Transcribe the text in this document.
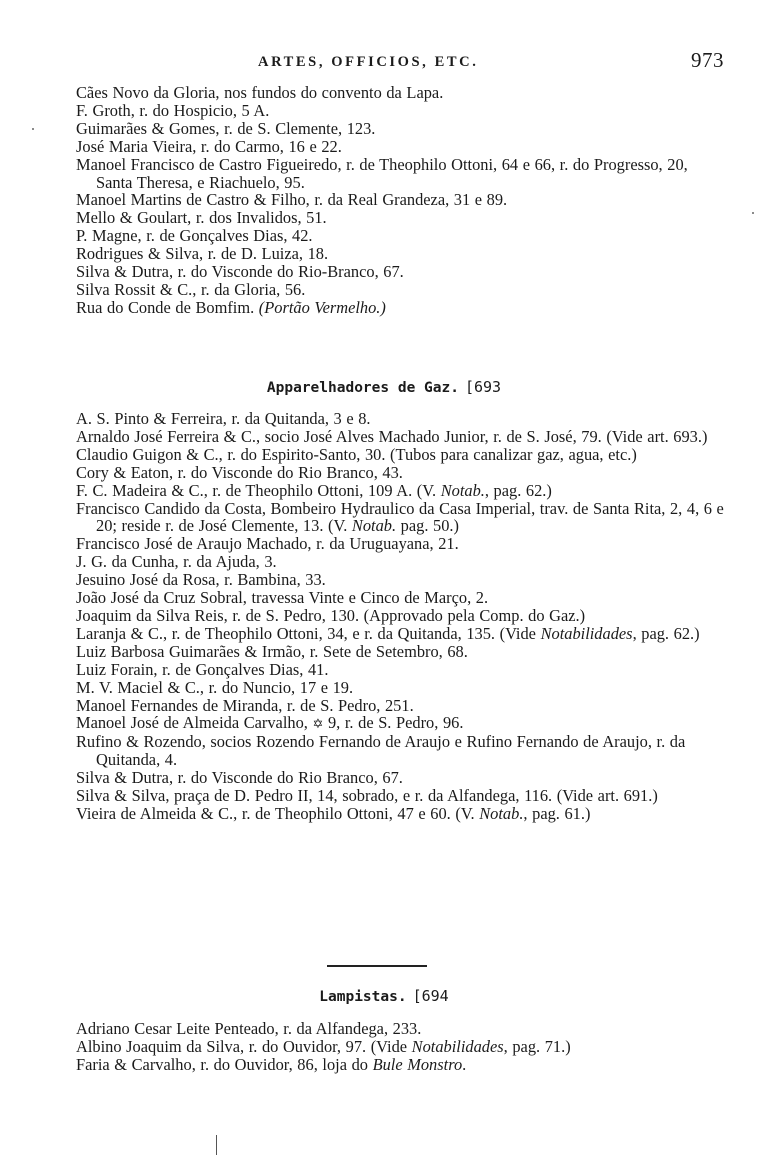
ARTES, OFFICIOS, ETC.	973
Cães Novo da Gloria, nos fundos do convento da Lapa.
F. Groth, r. do Hospicio, 5 A.
Guimarães & Gomes, r. de S. Clemente, 123.
José Maria Vieira, r. do Carmo, 16 e 22.
Manoel Francisco de Castro Figueiredo, r. de Theophilo Ottoni, 64 e 66, r. do Progresso, 20, Santa Theresa, e Riachuelo, 95.
Manoel Martins de Castro & Filho, r. da Real Grandeza, 31 e 89.
Mello & Goulart, r. dos Invalidos, 51.
P. Magne, r. de Gonçalves Dias, 42.
Rodrigues & Silva, r. de D. Luiza, 18.
Silva & Dutra, r. do Visconde do Rio-Branco, 67.
Silva Rossit & C., r. da Gloria, 56.
Rua do Conde de Bomfim. (Portão Vermelho.)
Apparelhadores de Gaz. [693
A. S. Pinto & Ferreira, r. da Quitanda, 3 e 8.
Arnaldo José Ferreira & C., socio José Alves Machado Junior, r. de S. José, 79. (Vide art. 693.)
Claudio Guigon & C., r. do Espirito-Santo, 30. (Tubos para canalizar gaz, agua, etc.)
Cory & Eaton, r. do Visconde do Rio Branco, 43.
F. C. Madeira & C., r. de Theophilo Ottoni, 109 A. (V. Notab., pag. 62.)
Francisco Candido da Costa, Bombeiro Hydraulico da Casa Imperial, trav. de Santa Rita, 2, 4, 6 e 20; reside r. de José Clemente, 13. (V. Notab. pag. 50.)
Francisco José de Araujo Machado, r. da Uruguayana, 21.
J. G. da Cunha, r. da Ajuda, 3.
Jesuino José da Rosa, r. Bambina, 33.
João José da Cruz Sobral, travessa Vinte e Cinco de Março, 2.
Joaquim da Silva Reis, r. de S. Pedro, 130. (Approvado pela Comp. do Gaz.)
Laranja & C., r. de Theophilo Ottoni, 34, e r. da Quitanda, 135. (Vide Notabilidades, pag. 62.)
Luiz Barbosa Guimarães & Irmão, r. Sete de Setembro, 68.
Luiz Forain, r. de Gonçalves Dias, 41.
M. V. Maciel & C., r. do Nuncio, 17 e 19.
Manoel Fernandes de Miranda, r. de S. Pedro, 251.
Manoel José de Almeida Carvalho, ✡ 9, r. de S. Pedro, 96.
Rufino & Rozendo, socios Rozendo Fernando de Araujo e Rufino Fernando de Araujo, r. da Quitanda, 4.
Silva & Dutra, r. do Visconde do Rio Branco, 67.
Silva & Silva, praça de D. Pedro II, 14, sobrado, e r. da Alfandega, 116. (Vide art. 691.)
Vieira de Almeida & C., r. de Theophilo Ottoni, 47 e 60. (V. Notab., pag. 61.)
Lampistas. [694
Adriano Cesar Leite Penteado, r. da Alfandega, 233.
Albino Joaquim da Silva, r. do Ouvidor, 97. (Vide Notabilidades, pag. 71.)
Faria & Carvalho, r. do Ouvidor, 86, loja do Bule Monstro.
